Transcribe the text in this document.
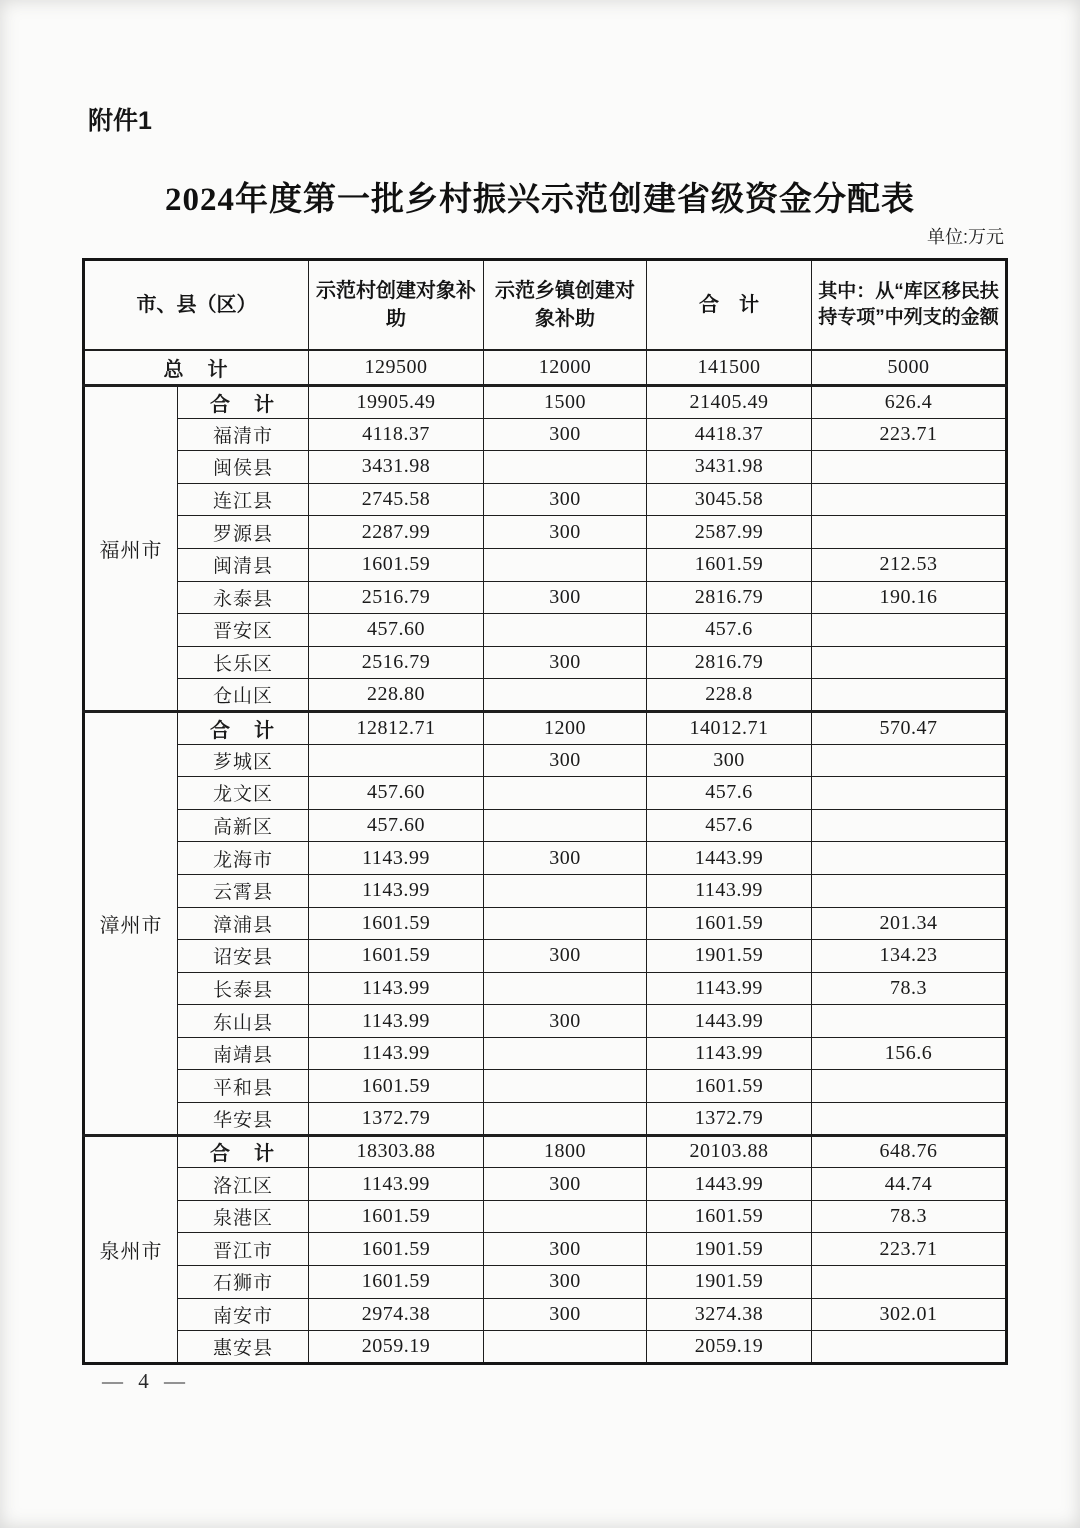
附件1
2024年度第一批乡村振兴示范创建省级资金分配表
单位:万元
市、县（区）		示范村创建对象补助	示范乡镇创建对象补助	合　计	其中：从“库区移民扶持专项”中列支的金额
总　计		129500	12000	141500	5000
福州市	合　计	19905.49	1500	21405.49	626.4
	福清市	4118.37	300	4418.37	223.71
	闽侯县	3431.98		3431.98	
	连江县	2745.58	300	3045.58	
	罗源县	2287.99	300	2587.99	
	闽清县	1601.59		1601.59	212.53
	永泰县	2516.79	300	2816.79	190.16
	晋安区	457.60		457.6	
	长乐区	2516.79	300	2816.79	
	仓山区	228.80		228.8	
漳州市	合　计	12812.71	1200	14012.71	570.47
	芗城区		300	300	
	龙文区	457.60		457.6	
	高新区	457.60		457.6	
	龙海市	1143.99	300	1443.99	
	云霄县	1143.99		1143.99	
	漳浦县	1601.59		1601.59	201.34
	诏安县	1601.59	300	1901.59	134.23
	长泰县	1143.99		1143.99	78.3
	东山县	1143.99	300	1443.99	
	南靖县	1143.99		1143.99	156.6
	平和县	1601.59		1601.59	
	华安县	1372.79		1372.79	
泉州市	合　计	18303.88	1800	20103.88	648.76
	洛江区	1143.99	300	1443.99	44.74
	泉港区	1601.59		1601.59	78.3
	晋江市	1601.59	300	1901.59	223.71
	石狮市	1601.59	300	1901.59	
	南安市	2974.38	300	3274.38	302.01
	惠安县	2059.19		2059.19	
— 4 —
